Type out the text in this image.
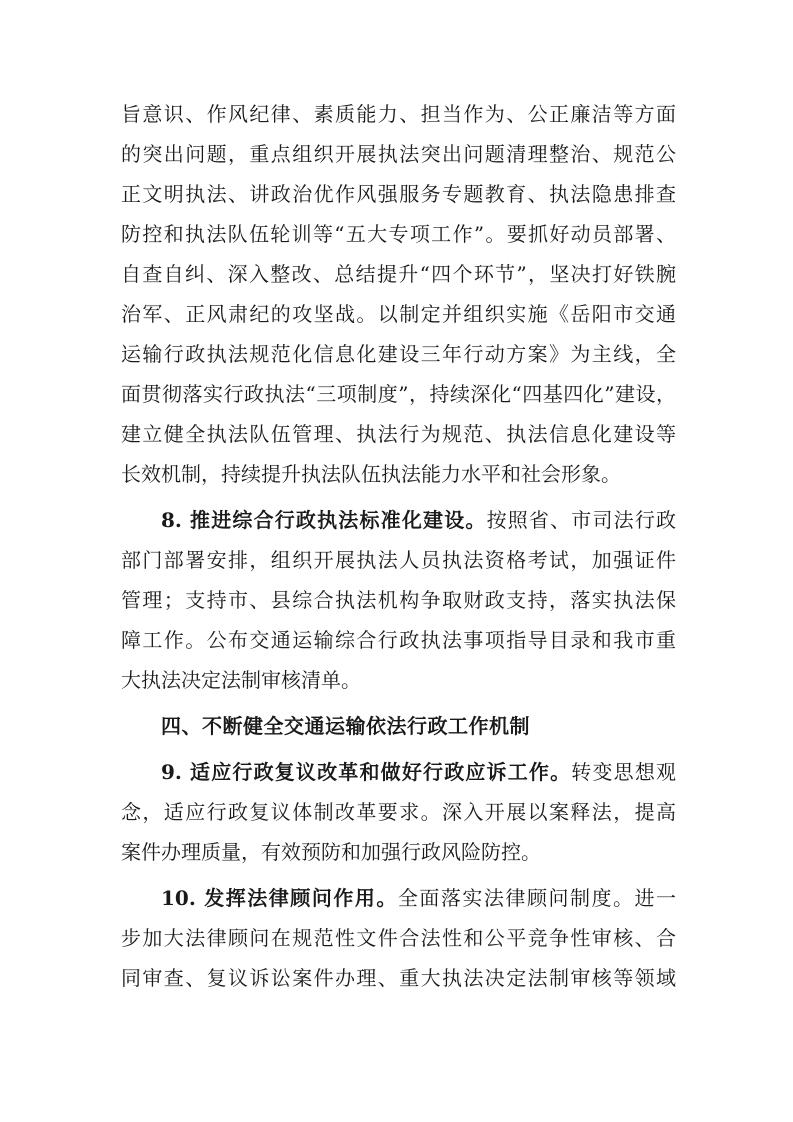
旨意识、作风纪律、素质能力、担当作为、公正廉洁等方面
的突出问题，重点组织开展执法突出问题清理整治、规范公
正文明执法、讲政治优作风强服务专题教育、执法隐患排查
防控和执法队伍轮训等“五大专项工作”。要抓好动员部署、
自查自纠、深入整改、总结提升“四个环节”，坚决打好铁腕
治军、正风肃纪的攻坚战。以制定并组织实施《岳阳市交通
运输行政执法规范化信息化建设三年行动方案》为主线，全
面贯彻落实行政执法“三项制度”，持续深化“四基四化”建设，
建立健全执法队伍管理、执法行为规范、执法信息化建设等
长效机制，持续提升执法队伍执法能力水平和社会形象。
8. 推进综合行政执法标准化建设。按照省、市司法行政
部门部署安排，组织开展执法人员执法资格考试，加强证件
管理；支持市、县综合执法机构争取财政支持，落实执法保
障工作。公布交通运输综合行政执法事项指导目录和我市重
大执法决定法制审核清单。
四、不断健全交通运输依法行政工作机制
9. 适应行政复议改革和做好行政应诉工作。转变思想观
念，适应行政复议体制改革要求。深入开展以案释法，提高
案件办理质量，有效预防和加强行政风险防控。
10. 发挥法律顾问作用。全面落实法律顾问制度。进一
步加大法律顾问在规范性文件合法性和公平竞争性审核、合
同审查、复议诉讼案件办理、重大执法决定法制审核等领域
